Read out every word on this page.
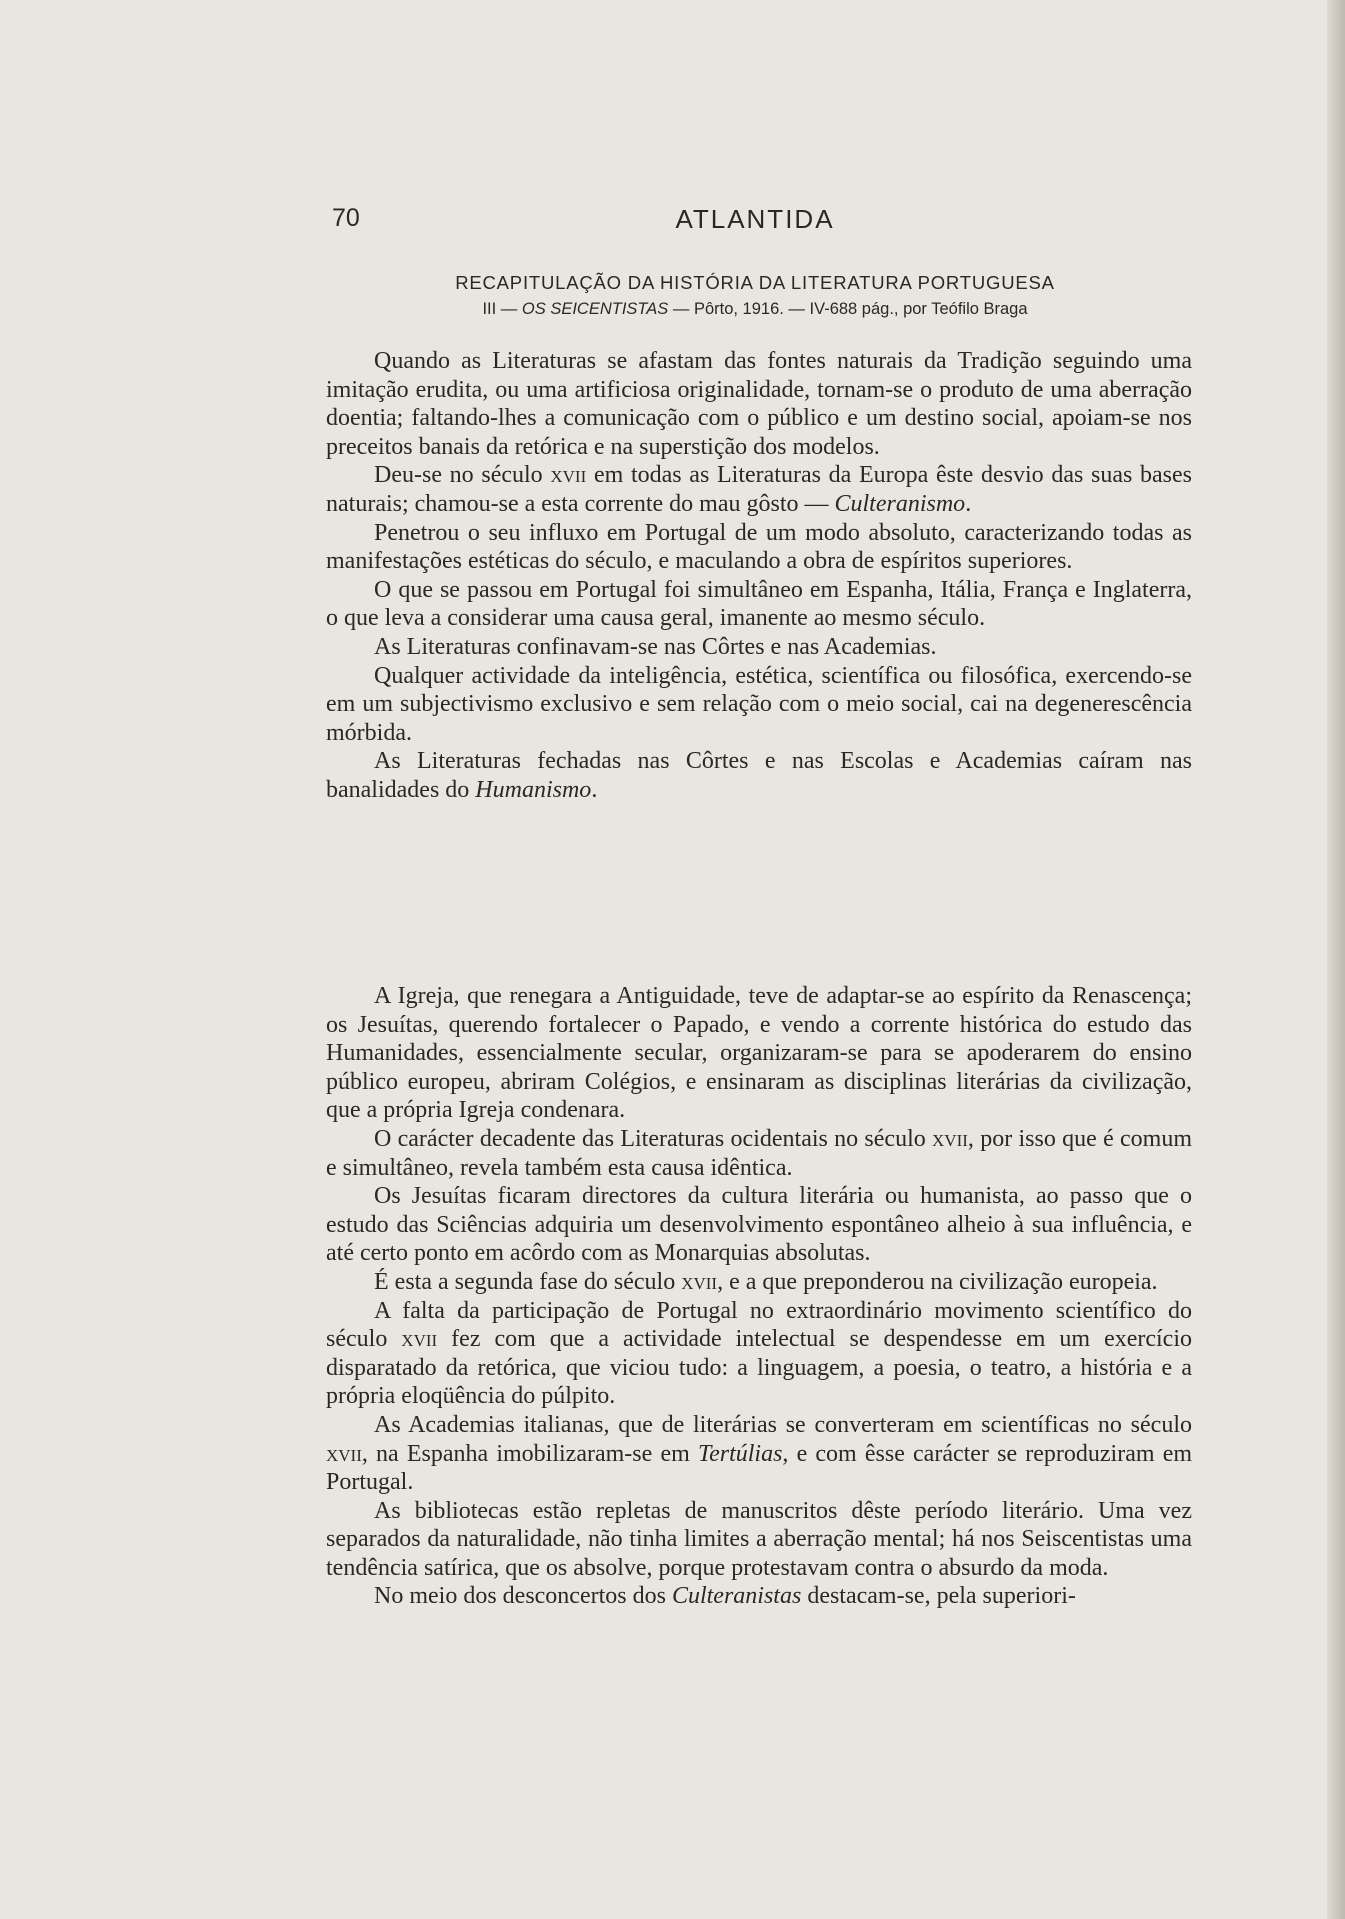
70	ATLANTIDA
RECAPITULAÇÃO DA HISTÓRIA DA LITERATURA PORTUGUESA
III — OS SEICENTISTAS — Pôrto, 1916. — IV-688 pág., por Teófilo Braga

Quando as Literaturas se afastam das fontes naturais da Tradição seguindo uma imitação erudita, ou uma artificiosa originalidade, tornam-se o produto de uma aberração doentia; faltando-lhes a comunicação com o público e um destino social, apoiam-se nos preceitos banais da retórica e na superstição dos modelos.

Deu-se no século xvii em todas as Literaturas da Europa êste desvio das suas bases naturais; chamou-se a esta corrente do mau gôsto — Culteranismo.

Penetrou o seu influxo em Portugal de um modo absoluto, caracterizando todas as manifestações estéticas do século, e maculando a obra de espíritos superiores.

O que se passou em Portugal foi simultâneo em Espanha, Itália, França e Inglaterra, o que leva a considerar uma causa geral, imanente ao mesmo século.

As Literaturas confinavam-se nas Côrtes e nas Academias.

Qualquer actividade da inteligência, estética, scientífica ou filosófica, exercendo-se em um subjectivismo exclusivo e sem relação com o meio social, cai na degenerescência mórbida.

As Literaturas fechadas nas Côrtes e nas Escolas e Academias caíram nas banalidades do Humanismo.

A Igreja, que renegara a Antiguidade, teve de adaptar-se ao espírito da Renascença; os Jesuítas, querendo fortalecer o Papado, e vendo a corrente histórica do estudo das Humanidades, essencialmente secular, organizaram-se para se apoderarem do ensino público europeu, abriram Colégios, e ensinaram as disciplinas literárias da civilização, que a própria Igreja condenara.

O carácter decadente das Literaturas ocidentais no século xvii, por isso que é comum e simultâneo, revela também esta causa idêntica.

Os Jesuítas ficaram directores da cultura literária ou humanista, ao passo que o estudo das Sciências adquiria um desenvolvimento espontâneo alheio à sua influência, e até certo ponto em acôrdo com as Monarquias absolutas.

É esta a segunda fase do século xvii, e a que preponderou na civilização europeia.

A falta da participação de Portugal no extraordinário movimento scientífico do século xvii fez com que a actividade intelectual se despendesse em um exercício disparatado da retórica, que viciou tudo: a linguagem, a poesia, o teatro, a história e a própria eloqüência do púlpito.

As Academias italianas, que de literárias se converteram em scientíficas no século xvii, na Espanha imobilizaram-se em Tertúlias, e com êsse carácter se reproduziram em Portugal.

As bibliotecas estão repletas de manuscritos dêste período literário. Uma vez separados da naturalidade, não tinha limites a aberração mental; há nos Seiscentistas uma tendência satírica, que os absolve, porque protestavam contra o absurdo da moda.

No meio dos desconcertos dos Culteranistas destacam-se, pela superiori-
